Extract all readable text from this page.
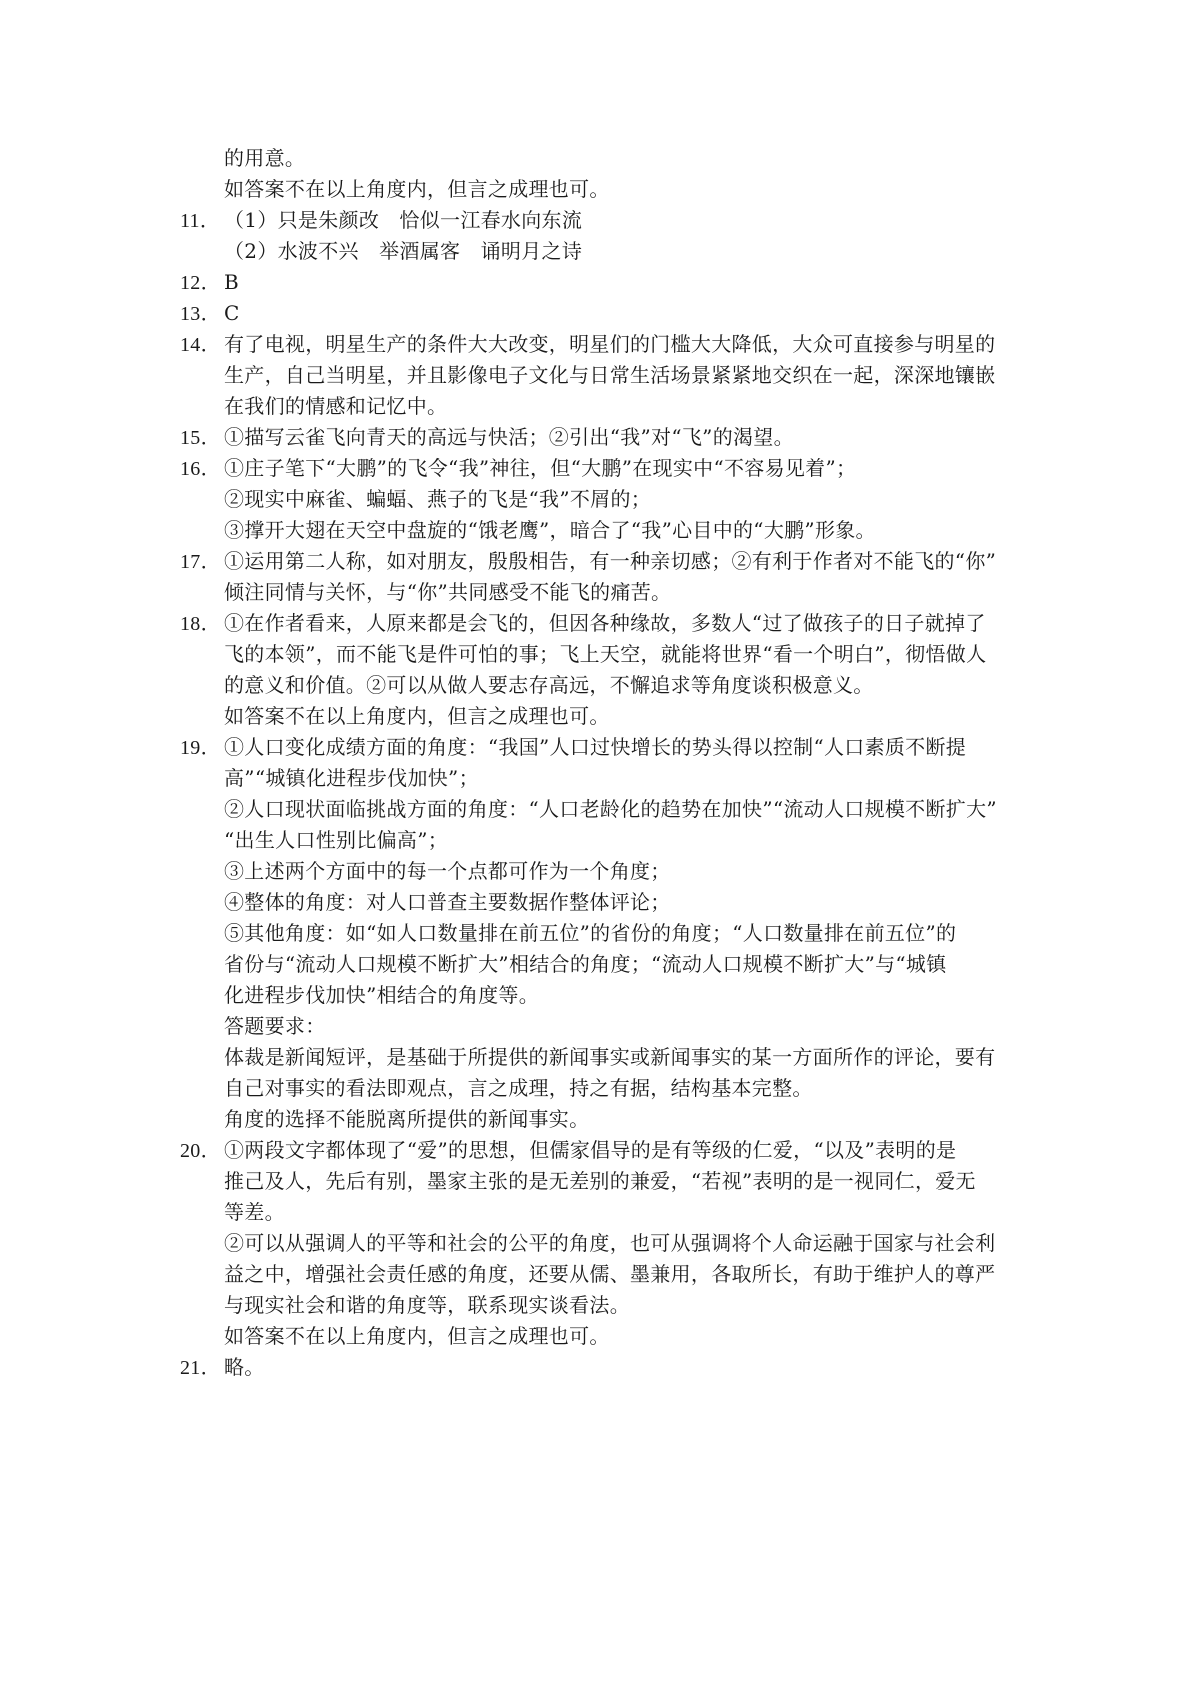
的用意。
如答案不在以上角度内，但言之成理也可。
11． （1）只是朱颜改　恰似一江春水向东流
（2）水波不兴　举酒属客　诵明月之诗
12． B
13． C
14． 有了电视，明星生产的条件大大改变，明星们的门槛大大降低，大众可直接参与明星的
生产，自己当明星，并且影像电子文化与日常生活场景紧紧地交织在一起，深深地镶嵌
在我们的情感和记忆中。
15． ①描写云雀飞向青天的高远与快活；②引出“我”对“飞”的渴望。
16． ①庄子笔下“大鹏”的飞令“我”神往，但“大鹏”在现实中“不容易见着”；
②现实中麻雀、蝙蝠、燕子的飞是“我”不屑的；
③撑开大翅在天空中盘旋的“饿老鹰”，暗合了“我”心目中的“大鹏”形象。
17． ①运用第二人称，如对朋友，殷殷相告，有一种亲切感；②有利于作者对不能飞的“你”
倾注同情与关怀，与“你”共同感受不能飞的痛苦。
18． ①在作者看来，人原来都是会飞的，但因各种缘故，多数人“过了做孩子的日子就掉了
飞的本领”，而不能飞是件可怕的事；飞上天空，就能将世界“看一个明白”，彻悟做人
的意义和价值。②可以从做人要志存高远，不懈追求等角度谈积极意义。
如答案不在以上角度内，但言之成理也可。
19． ①人口变化成绩方面的角度：“我国”人口过快增长的势头得以控制“人口素质不断提
高”“城镇化进程步伐加快”；
②人口现状面临挑战方面的角度：“人口老龄化的趋势在加快”“流动人口规模不断扩大”
“出生人口性别比偏高”；
③上述两个方面中的每一个点都可作为一个角度；
④整体的角度：对人口普查主要数据作整体评论；
⑤其他角度：如“如人口数量排在前五位”的省份的角度；“人口数量排在前五位”的
省份与“流动人口规模不断扩大”相结合的角度；“流动人口规模不断扩大”与“城镇
化进程步伐加快”相结合的角度等。
答题要求：
体裁是新闻短评，是基础于所提供的新闻事实或新闻事实的某一方面所作的评论，要有
自己对事实的看法即观点，言之成理，持之有据，结构基本完整。
角度的选择不能脱离所提供的新闻事实。
20． ①两段文字都体现了“爱”的思想，但儒家倡导的是有等级的仁爱，“以及”表明的是
推己及人，先后有别，墨家主张的是无差别的兼爱，“若视”表明的是一视同仁，爱无
等差。
②可以从强调人的平等和社会的公平的角度，也可从强调将个人命运融于国家与社会利
益之中，增强社会责任感的角度，还要从儒、墨兼用，各取所长，有助于维护人的尊严
与现实社会和谐的角度等，联系现实谈看法。
如答案不在以上角度内，但言之成理也可。
21． 略。
